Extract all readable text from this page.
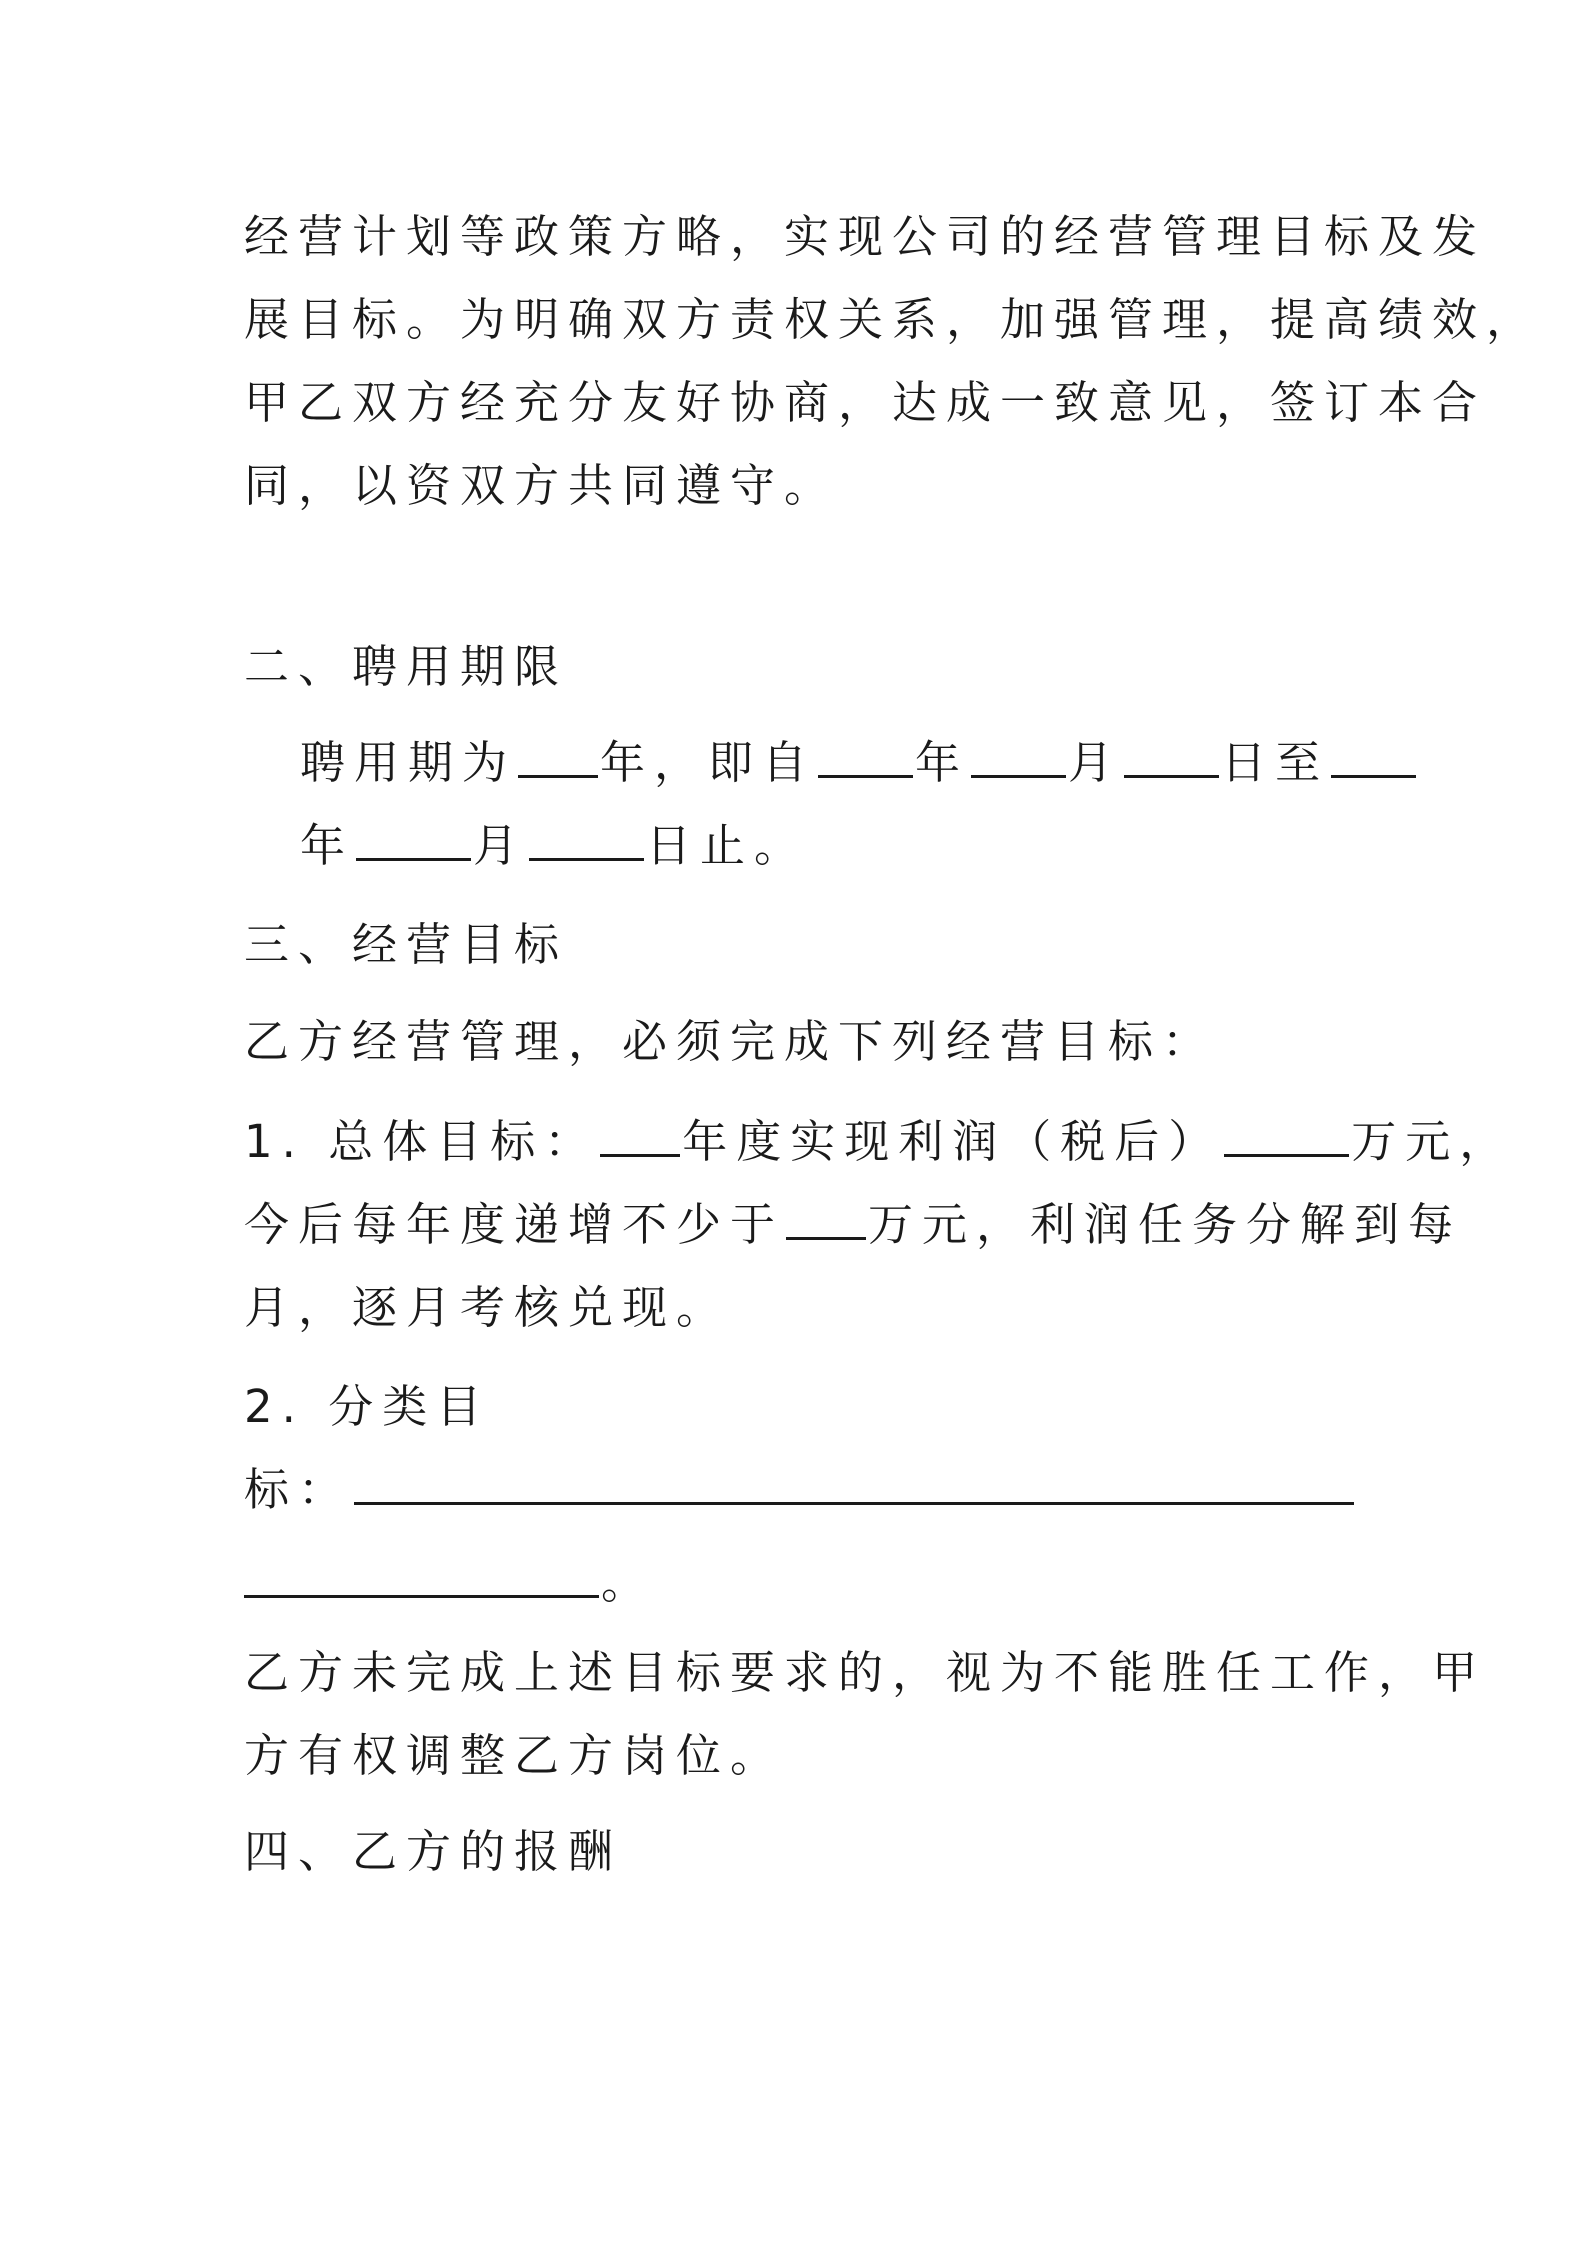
经营计划等政策方略，实现公司的经营管理目标及发
展目标。为明确双方责权关系，加强管理，提高绩效，
甲乙双方经充分友好协商，达成一致意见，签订本合
同，以资双方共同遵守。
二、聘用期限
聘用期为 年，即自 年 月 日至
年	月	日止。
三、经营目标
乙方经营管理，必须完成下列经营目标：
1. 总体目标： 年度实现利润（税后）	万元，
今后每年度递增不少于 万元，利润任务分解到每
月，逐月考核兑现。
2. 分类目
标：
。
乙方未完成上述目标要求的，视为不能胜任工作，甲
方有权调整乙方岗位。
四、乙方的报酬
